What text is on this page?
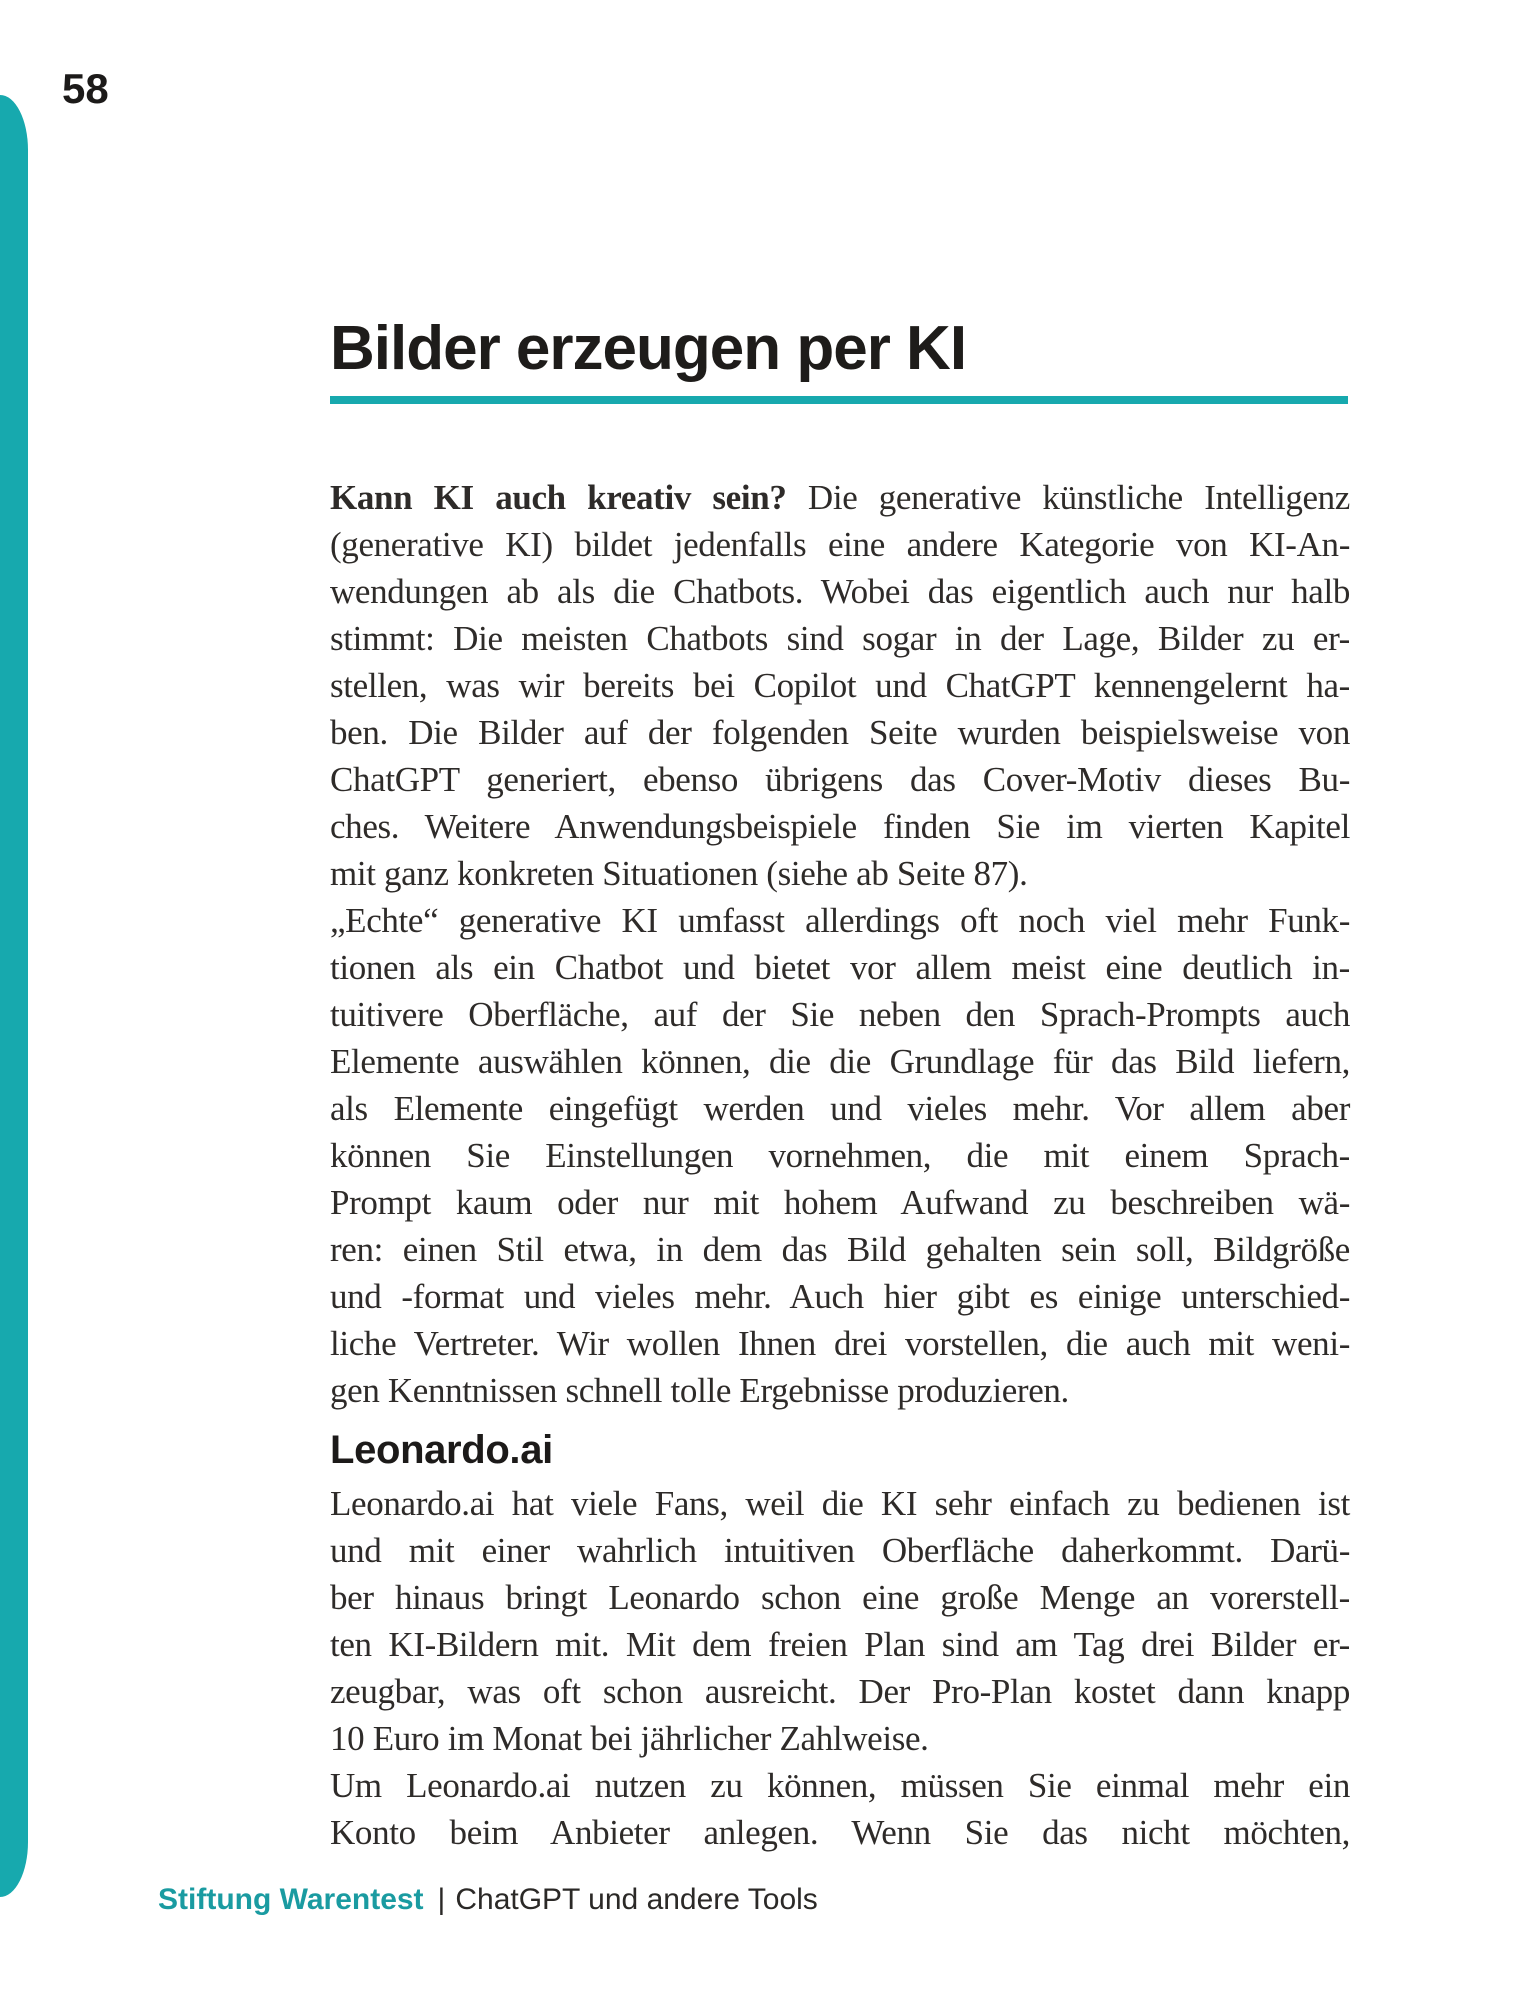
58
Bilder erzeugen per KI
Kann KI auch kreativ sein? Die generative künstliche Intelligenz
(generative KI) bildet jedenfalls eine andere Kategorie von KI-An-
wendungen ab als die Chatbots. Wobei das eigentlich auch nur halb
stimmt: Die meisten Chatbots sind sogar in der Lage, Bilder zu er-
stellen, was wir bereits bei Copilot und ChatGPT kennengelernt ha-
ben. Die Bilder auf der folgenden Seite wurden beispielsweise von
ChatGPT generiert, ebenso übrigens das Cover-Motiv dieses Bu-
ches. Weitere Anwendungsbeispiele finden Sie im vierten Kapitel
mit ganz konkreten Situationen (siehe ab Seite 87).
„Echte“ generative KI umfasst allerdings oft noch viel mehr Funk-
tionen als ein Chatbot und bietet vor allem meist eine deutlich in-
tuitivere Oberfläche, auf der Sie neben den Sprach-Prompts auch
Elemente auswählen können, die die Grundlage für das Bild liefern,
als Elemente eingefügt werden und vieles mehr. Vor allem aber
können Sie Einstellungen vornehmen, die mit einem Sprach-
Prompt kaum oder nur mit hohem Aufwand zu beschreiben wä-
ren: einen Stil etwa, in dem das Bild gehalten sein soll, Bildgröße
und -format und vieles mehr. Auch hier gibt es einige unterschied-
liche Vertreter. Wir wollen Ihnen drei vorstellen, die auch mit weni-
gen Kenntnissen schnell tolle Ergebnisse produzieren.
Leonardo.ai
Leonardo.ai hat viele Fans, weil die KI sehr einfach zu bedienen ist
und mit einer wahrlich intuitiven Oberfläche daherkommt. Darü-
ber hinaus bringt Leonardo schon eine große Menge an vorerstell-
ten KI-Bildern mit. Mit dem freien Plan sind am Tag drei Bilder er-
zeugbar, was oft schon ausreicht. Der Pro-Plan kostet dann knapp
10 Euro im Monat bei jährlicher Zahlweise.
Um Leonardo.ai nutzen zu können, müssen Sie einmal mehr ein
Konto beim Anbieter anlegen. Wenn Sie das nicht möchten,
Stiftung Warentest | ChatGPT und andere Tools
